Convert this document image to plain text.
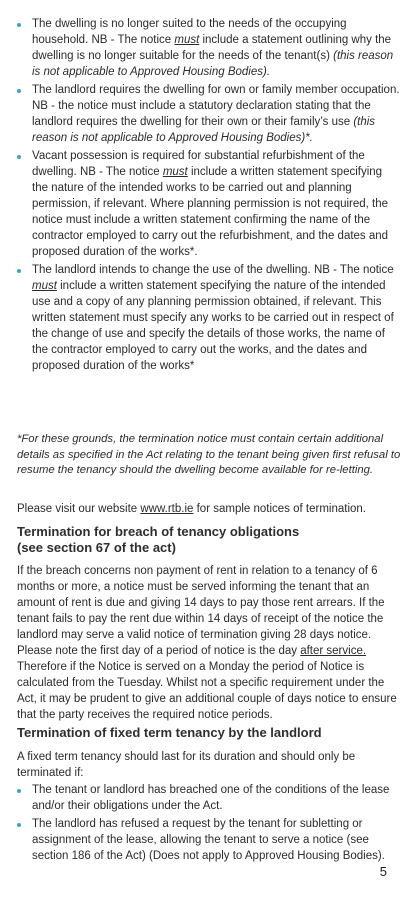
The dwelling is no longer suited to the needs of the occupying household. NB - The notice must include a statement outlining why the dwelling is no longer suitable for the needs of the tenant(s) (this reason is not applicable to Approved Housing Bodies).
The landlord requires the dwelling for own or family member occupation. NB - the notice must include a statutory declaration stating that the landlord requires the dwelling for their own or their family’s use (this reason is not applicable to Approved Housing Bodies)*.
Vacant possession is required for substantial refurbishment of the dwelling. NB - The notice must include a written statement specifying the nature of the intended works to be carried out and planning permission, if relevant. Where planning permission is not required, the notice must include a written statement confirming the name of the contractor employed to carry out the refurbishment, and the dates and proposed duration of the works*.
The landlord intends to change the use of the dwelling. NB - The notice must include a written statement specifying the nature of the intended use and a copy of any planning permission obtained, if relevant. This written statement must specify any works to be carried out in respect of the change of use and specify the details of those works, the name of the contractor employed to carry out the works, and the dates and proposed duration of the works*
*For these grounds, the termination notice must contain certain additional details as specified in the Act relating to the tenant being given first refusal to resume the tenancy should the dwelling become available for re-letting.
Please visit our website www.rtb.ie for sample notices of termination.
Termination for breach of tenancy obligations
(see section 67 of the act)
If the breach concerns non payment of rent in relation to a tenancy of 6 months or more, a notice must be served informing the tenant that an amount of rent is due and giving 14 days to pay those rent arrears. If the tenant fails to pay the rent due within 14 days of receipt of the notice the landlord may serve a valid notice of termination giving 28 days notice. Please note the first day of a period of notice is the day after service. Therefore if the Notice is served on a Monday the period of Notice is calculated from the Tuesday. Whilst not a specific requirement under the Act, it may be prudent to give an additional couple of days notice to ensure that the party receives the required notice periods.
Termination of fixed term tenancy by the landlord
A fixed term tenancy should last for its duration and should only be terminated if:
The tenant or landlord has breached one of the conditions of the lease and/or their obligations under the Act.
The landlord has refused a request by the tenant for subletting or assignment of the lease, allowing the tenant to serve a notice (see section 186 of the Act) (Does not apply to Approved Housing Bodies).
5
